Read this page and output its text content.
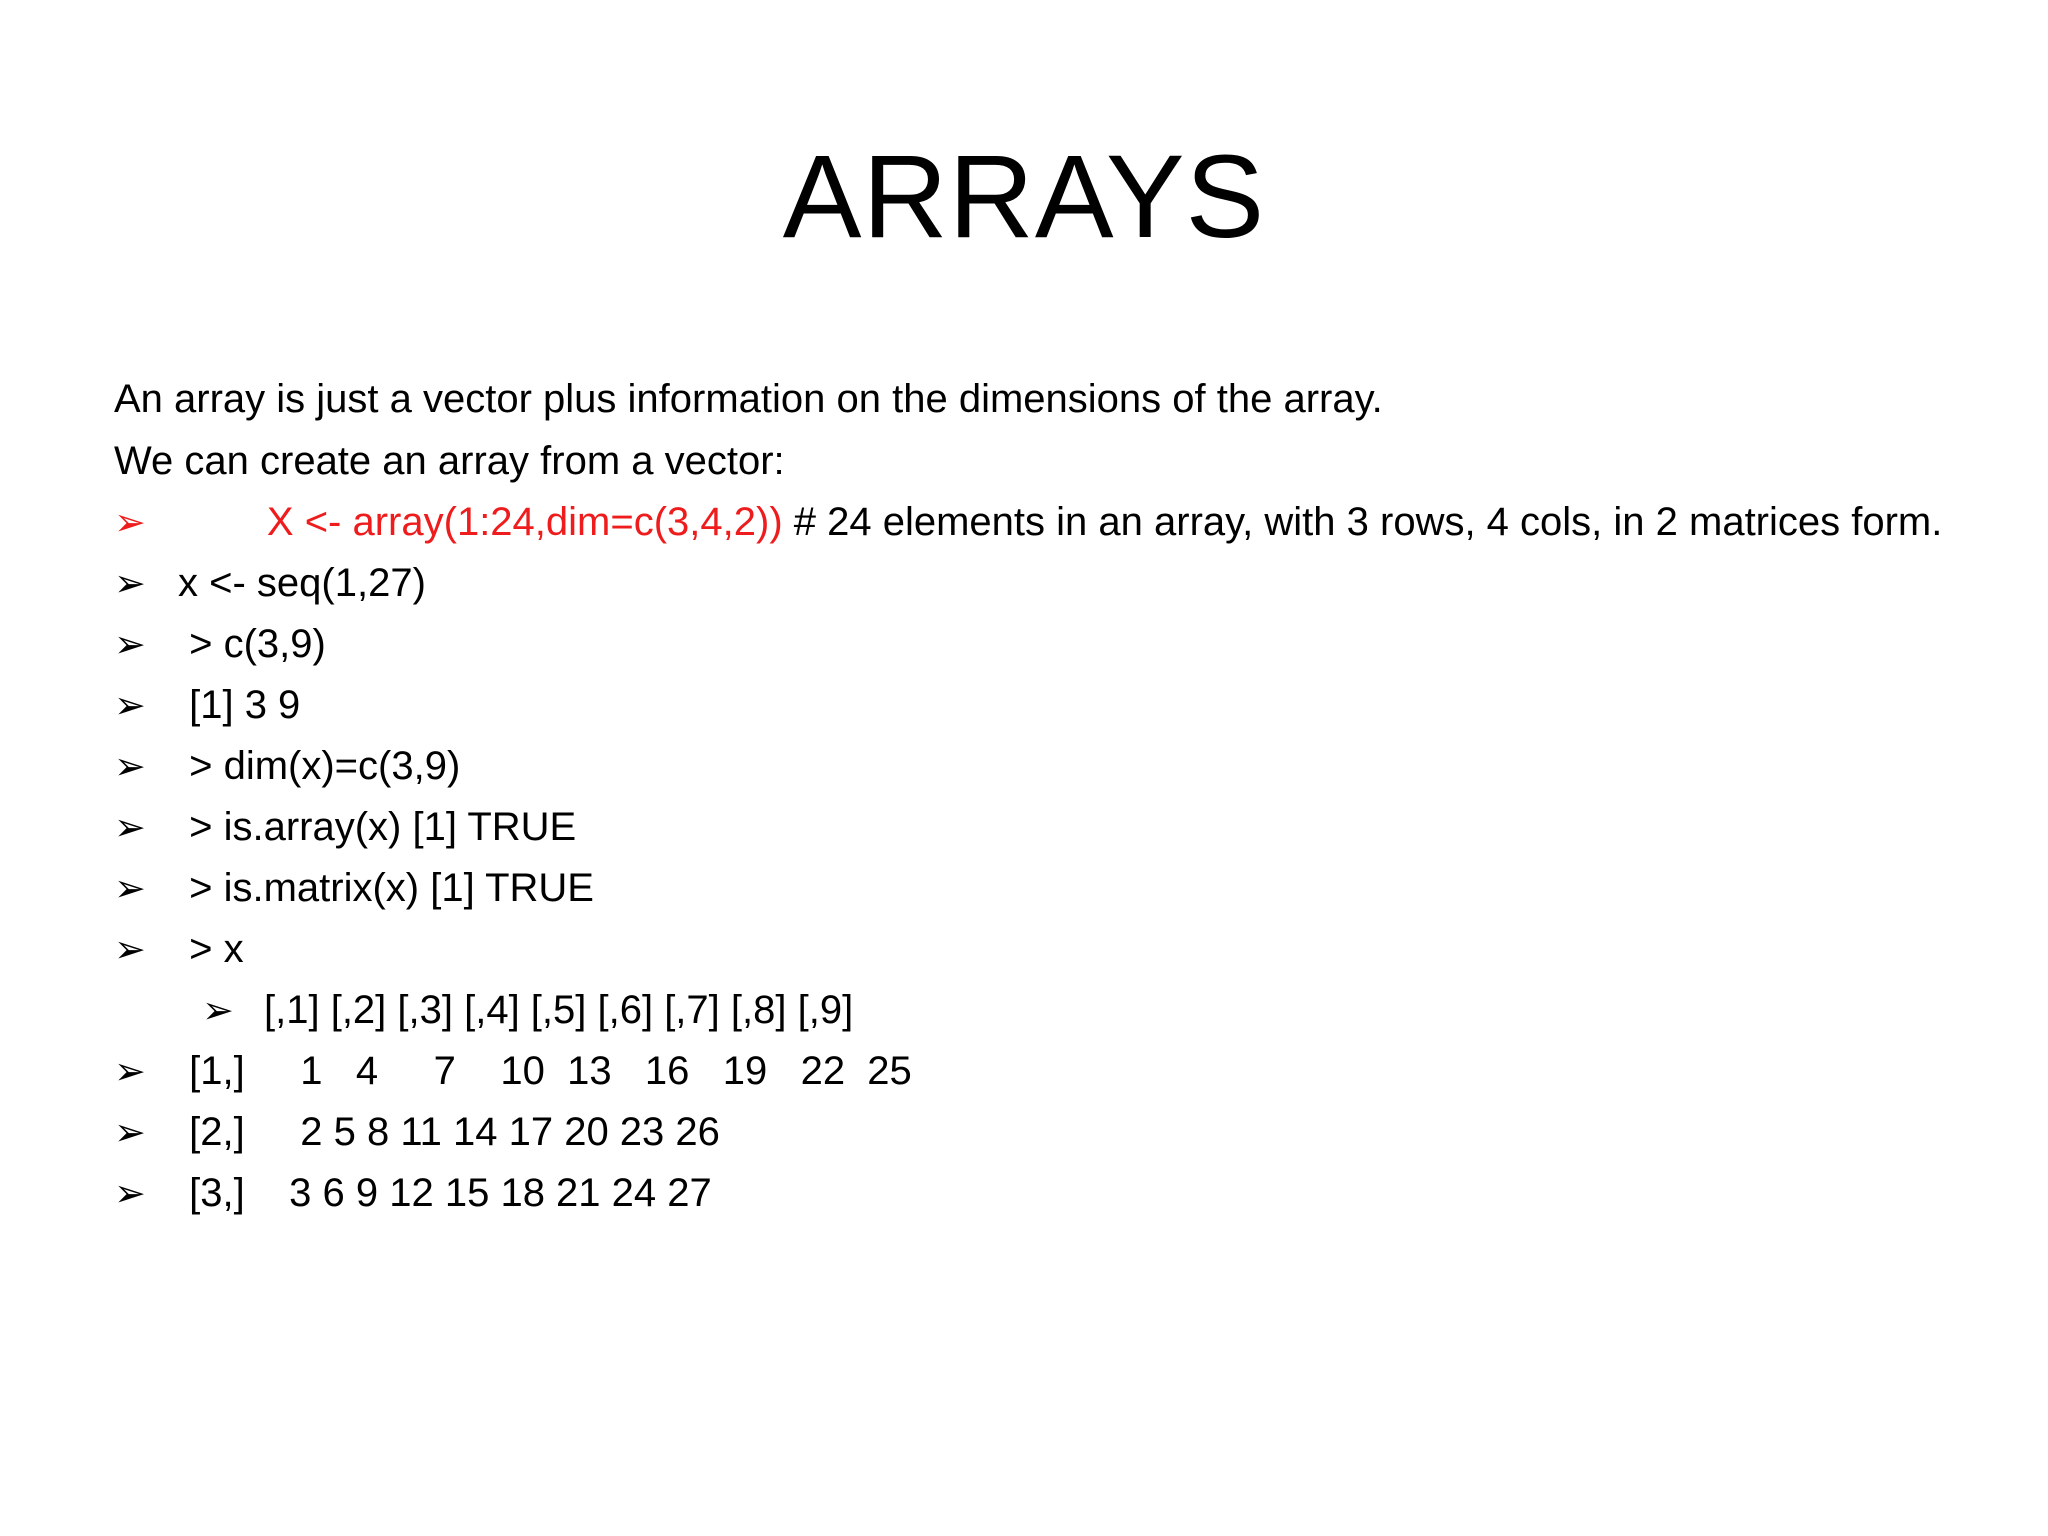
ARRAYS
An array is just a vector plus information on the dimensions of the array.
We can create an array from a vector:
➢	X <- array(1:24,dim=c(3,4,2)) # 24 elements in an array, with 3 rows, 4 cols, in 2 matrices form.

➢ x <- seq(1,27)
➢ > c(3,9)
➢ [1] 3 9
➢ > dim(x)=c(3,9)
➢ > is.array(x) [1] TRUE
➢ > is.matrix(x) [1] TRUE
➢ > x
➢ [,1] [,2] [,3] [,4] [,5] [,6] [,7] [,8] [,9]
➢ [1,]     1   4     7    10  13   16   19   22  25
➢ [2,]     2 5 8 11 14 17 20 23 26
➢ [3,]    3 6 9 12 15 18 21 24 27
